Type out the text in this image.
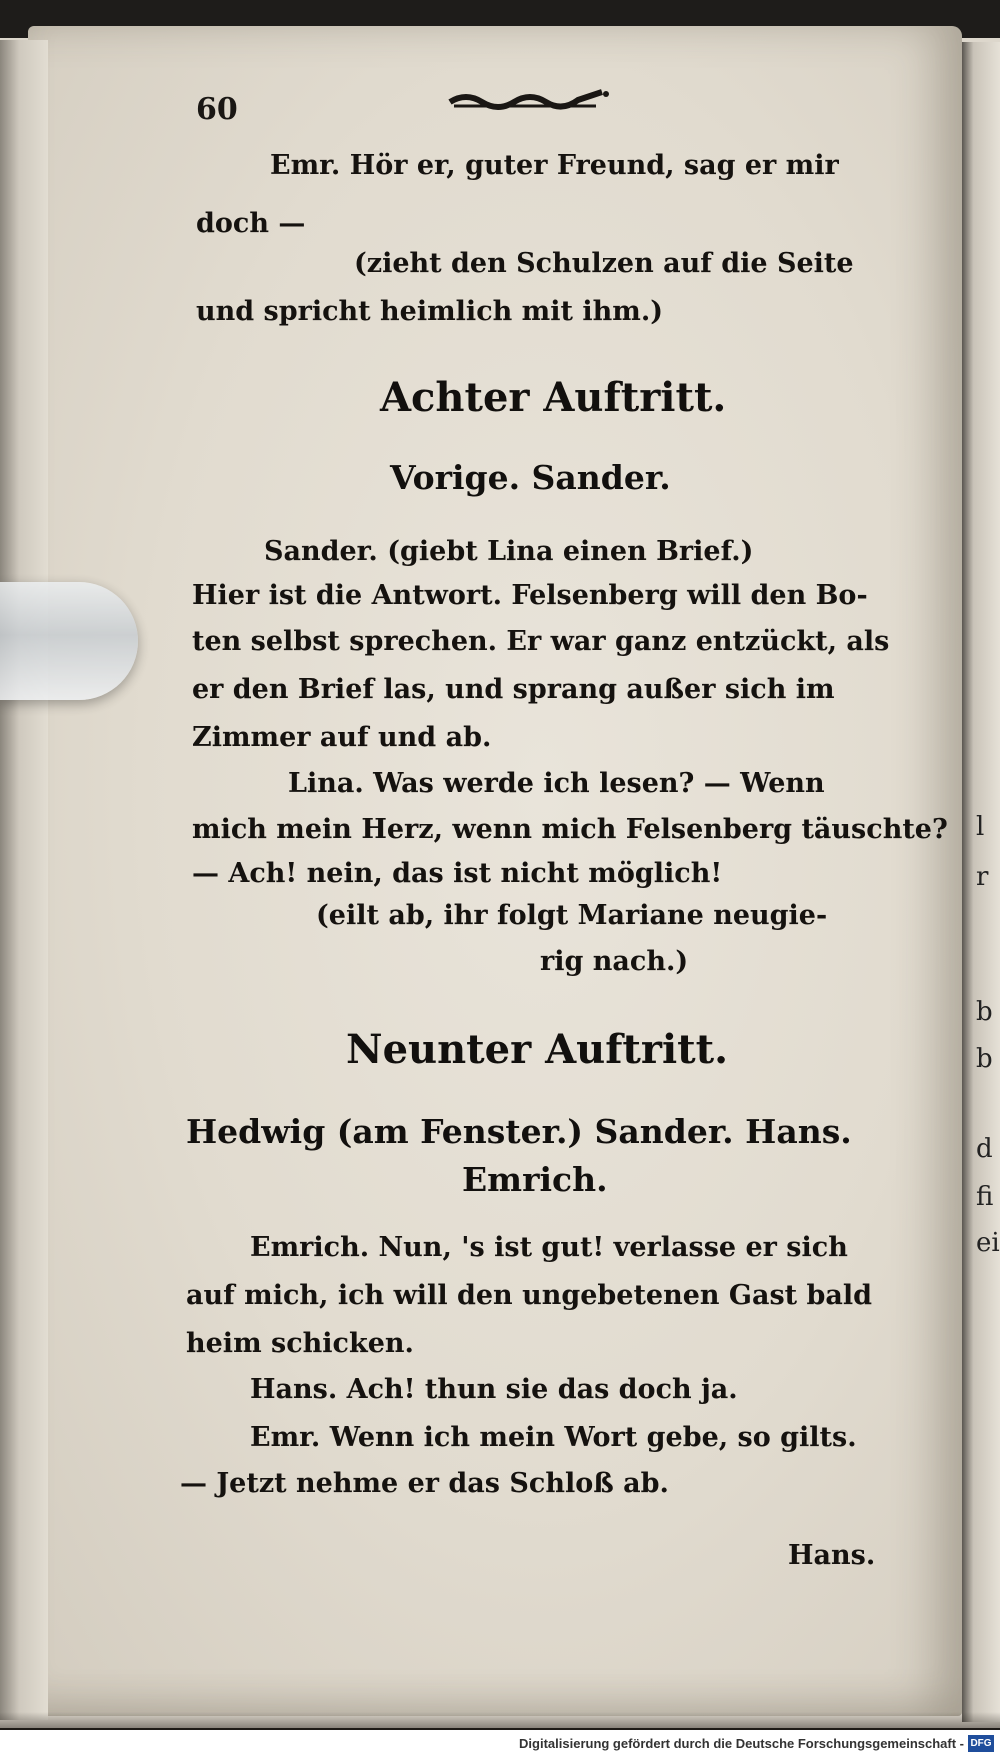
l
r
b
b
d
fi
ei
60
Emr. Hör er, guter Freund, sag er mir
doch —
(zieht den Schulzen auf die Seite
und spricht heimlich mit ihm.)
Achter Auftritt.
Vorige. Sander.
Sander. (giebt Lina einen Brief.)
Hier ist die Antwort. Felsenberg will den Bo-
ten selbst sprechen. Er war ganz entzückt, als
er den Brief las, und sprang außer sich im
Zimmer auf und ab.
Lina. Was werde ich lesen? — Wenn
mich mein Herz, wenn mich Felsenberg täuschte?
— Ach! nein, das ist nicht möglich!
(eilt ab, ihr folgt Mariane neugie-
rig nach.)
Neunter Auftritt.
Hedwig (am Fenster.) Sander. Hans.
Emrich.
Emrich. Nun, 's ist gut! verlasse er sich
auf mich, ich will den ungebetenen Gast bald
heim schicken.
Hans. Ach! thun sie das doch ja.
Emr. Wenn ich mein Wort gebe, so gilts.
— Jetzt nehme er das Schloß ab.
Hans.
Digitalisierung gefördert durch die Deutsche Forschungsgemeinschaft - DFG
